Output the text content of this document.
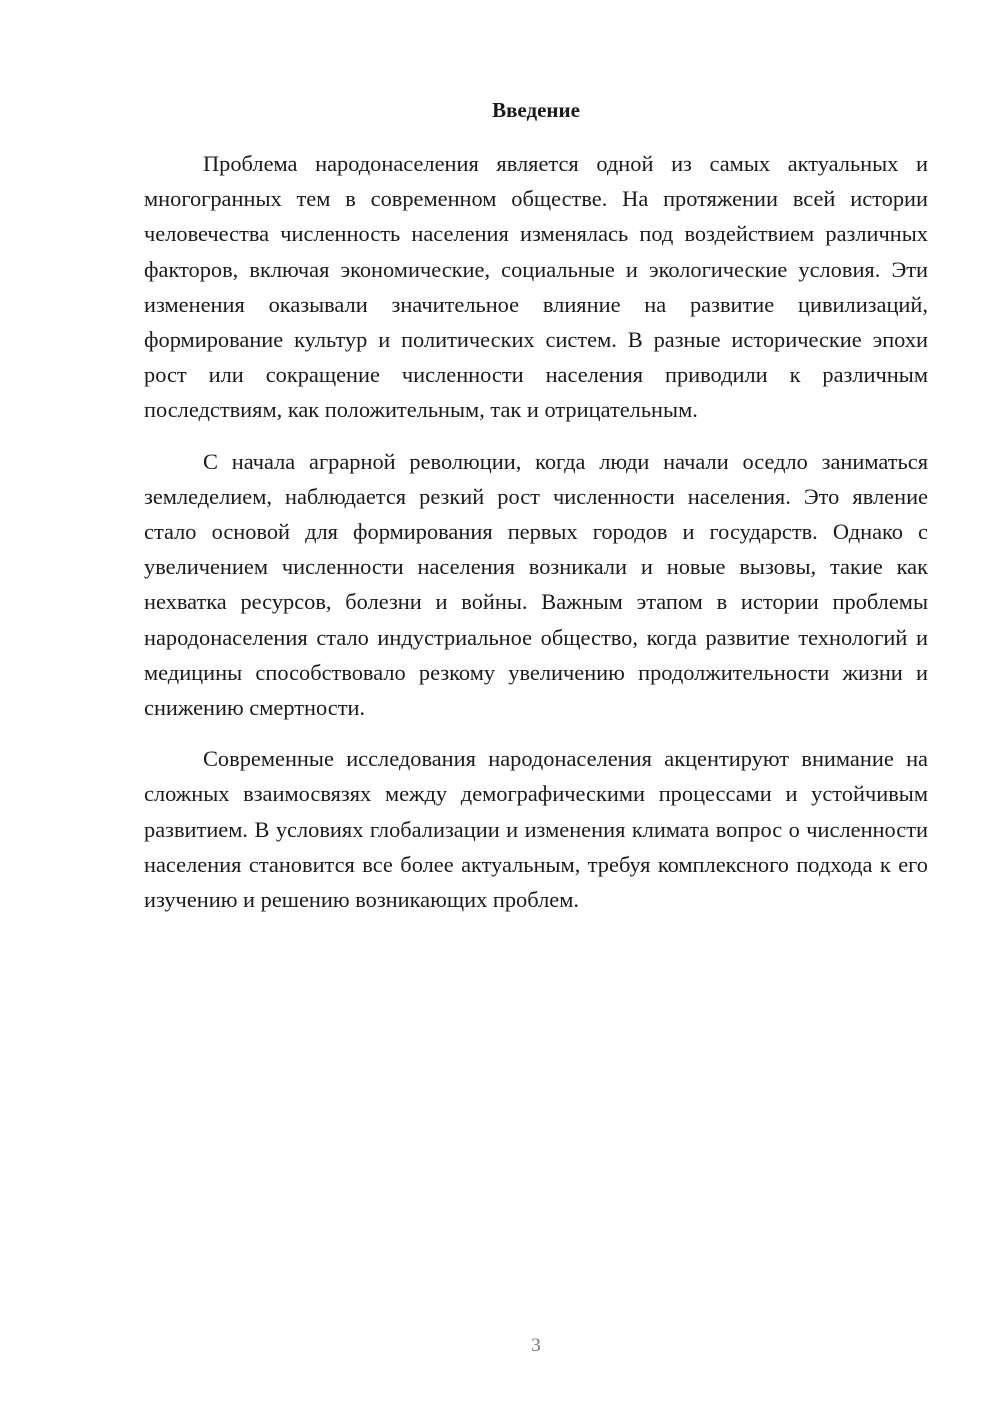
Введение

Проблема народонаселения является одной из самых актуальных и многогранных тем в современном обществе. На протяжении всей истории человечества численность населения изменялась под воздействием различных факторов, включая экономические, социальные и экологические условия. Эти изменения оказывали значительное влияние на развитие цивилизаций, формирование культур и политических систем. В разные исторические эпохи рост или сокращение численности населения приводили к различным последствиям, как положительным, так и отрицательным.

С начала аграрной революции, когда люди начали оседло заниматься земледелием, наблюдается резкий рост численности населения. Это явление стало основой для формирования первых городов и государств. Однако с увеличением численности населения возникали и новые вызовы, такие как нехватка ресурсов, болезни и войны. Важным этапом в истории проблемы народонаселения стало индустриальное общество, когда развитие технологий и медицины способствовало резкому увеличению продолжительности жизни и снижению смертности.

Современные исследования народонаселения акцентируют внимание на сложных взаимосвязях между демографическими процессами и устойчивым развитием. В условиях глобализации и изменения климата вопрос о численности населения становится все более актуальным, требуя комплексного подхода к его изучению и решению возникающих проблем.

3
